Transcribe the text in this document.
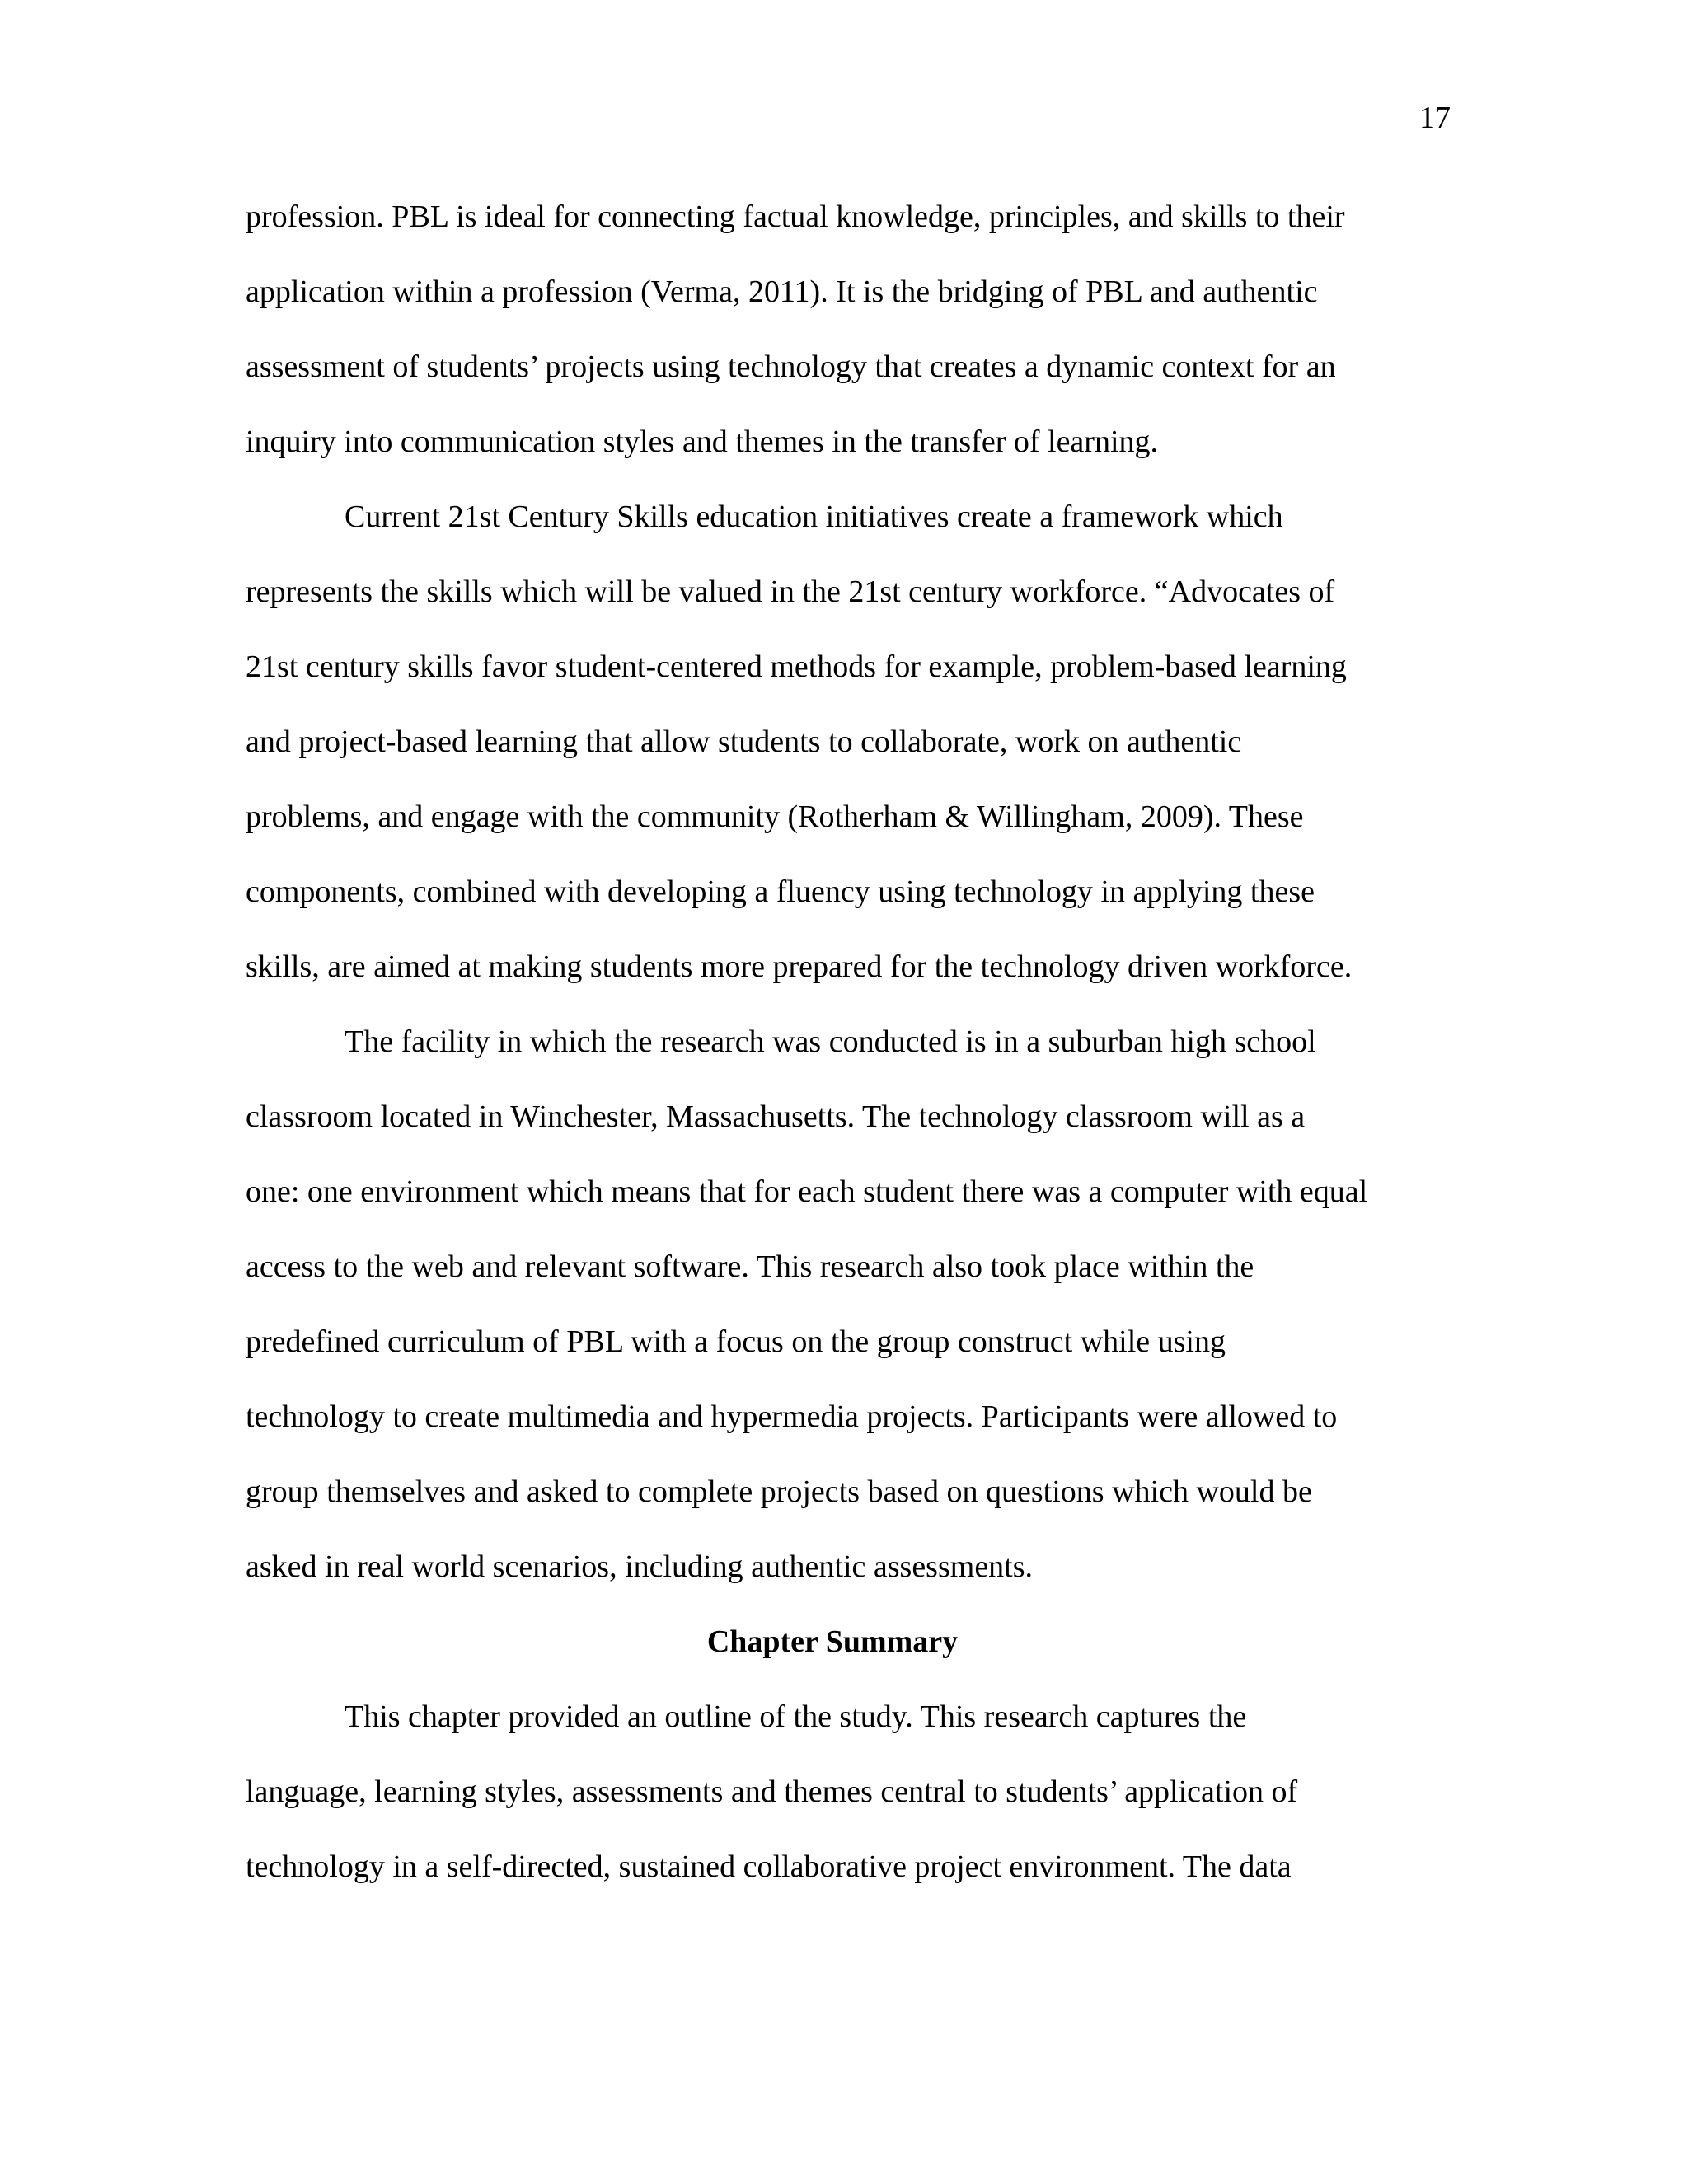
17
profession. PBL is ideal for connecting factual knowledge, principles, and skills to their
application within a profession (Verma, 2011). It is the bridging of PBL and authentic
assessment of students’ projects using technology that creates a dynamic context for an
inquiry into communication styles and themes in the transfer of learning.
Current 21st Century Skills education initiatives create a framework which
represents the skills which will be valued in the 21st century workforce. “Advocates of
21st century skills favor student-centered methods for example, problem-based learning
and project-based learning that allow students to collaborate, work on authentic
problems, and engage with the community (Rotherham & Willingham, 2009). These
components, combined with developing a fluency using technology in applying these
skills, are aimed at making students more prepared for the technology driven workforce.
The facility in which the research was conducted is in a suburban high school
classroom located in Winchester, Massachusetts. The technology classroom will as a
one: one environment which means that for each student there was a computer with equal
access to the web and relevant software. This research also took place within the
predefined curriculum of PBL with a focus on the group construct while using
technology to create multimedia and hypermedia projects. Participants were allowed to
group themselves and asked to complete projects based on questions which would be
asked in real world scenarios, including authentic assessments.
Chapter Summary
This chapter provided an outline of the study. This research captures the
language, learning styles, assessments and themes central to students’ application of
technology in a self-directed, sustained collaborative project environment. The data
